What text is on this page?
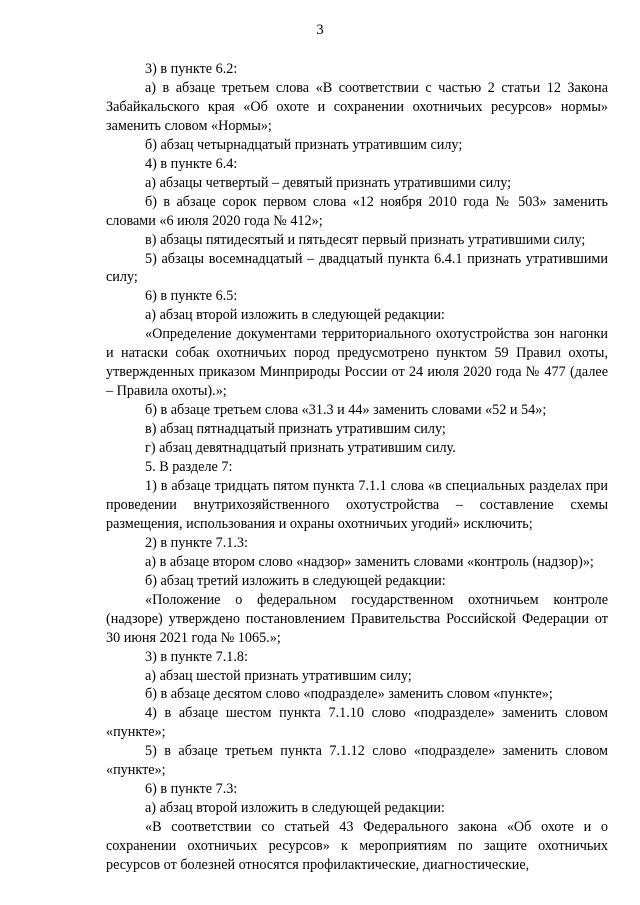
3

3) в пункте 6.2:

а) в абзаце третьем слова «В соответствии с частью 2 статьи 12 Закона Забайкальского края «Об охоте и сохранении охотничьих ресурсов» нормы» заменить словом «Нормы»;

б) абзац четырнадцатый признать утратившим силу;

4) в пункте 6.4:

а) абзацы четвертый – девятый признать утратившими силу;

б) в абзаце сорок первом слова «12 ноября 2010 года № 503» заменить словами «6 июля 2020 года № 412»;

в) абзацы пятидесятый и пятьдесят первый признать утратившими силу;

5) абзацы восемнадцатый – двадцатый пункта 6.4.1 признать утратившими силу;

6) в пункте 6.5:

а) абзац второй изложить в следующей редакции:

«Определение документами территориального охотустройства зон нагонки и натаски собак охотничьих пород предусмотрено пунктом 59 Правил охоты, утвержденных приказом Минприроды России от 24 июля 2020 года № 477 (далее – Правила охоты).»;

б) в абзаце третьем слова «31.3 и 44» заменить словами «52 и 54»;

в) абзац пятнадцатый признать утратившим силу;

г) абзац девятнадцатый признать утратившим силу.

5. В разделе 7:

1) в абзаце тридцать пятом пункта 7.1.1 слова «в специальных разделах при проведении внутрихозяйственного охотустройства – составление схемы размещения, использования и охраны охотничьих угодий» исключить;

2) в пункте 7.1.3:

а) в абзаце втором слово «надзор» заменить словами «контроль (надзор)»;

б) абзац третий изложить в следующей редакции:

«Положение о федеральном государственном охотничьем контроле (надзоре) утверждено постановлением Правительства Российской Федерации от 30 июня 2021 года № 1065.»;

3) в пункте 7.1.8:

а) абзац шестой признать утратившим силу;

б) в абзаце десятом слово «подразделе» заменить словом «пункте»;

4) в абзаце шестом пункта 7.1.10 слово «подразделе» заменить словом «пункте»;

5) в абзаце третьем пункта 7.1.12 слово «подразделе» заменить словом «пункте»;

6) в пункте 7.3:

а) абзац второй изложить в следующей редакции:

«В соответствии со статьей 43 Федерального закона «Об охоте и о сохранении охотничьих ресурсов» к мероприятиям по защите охотничьих ресурсов от болезней относятся профилактические, диагностические,
